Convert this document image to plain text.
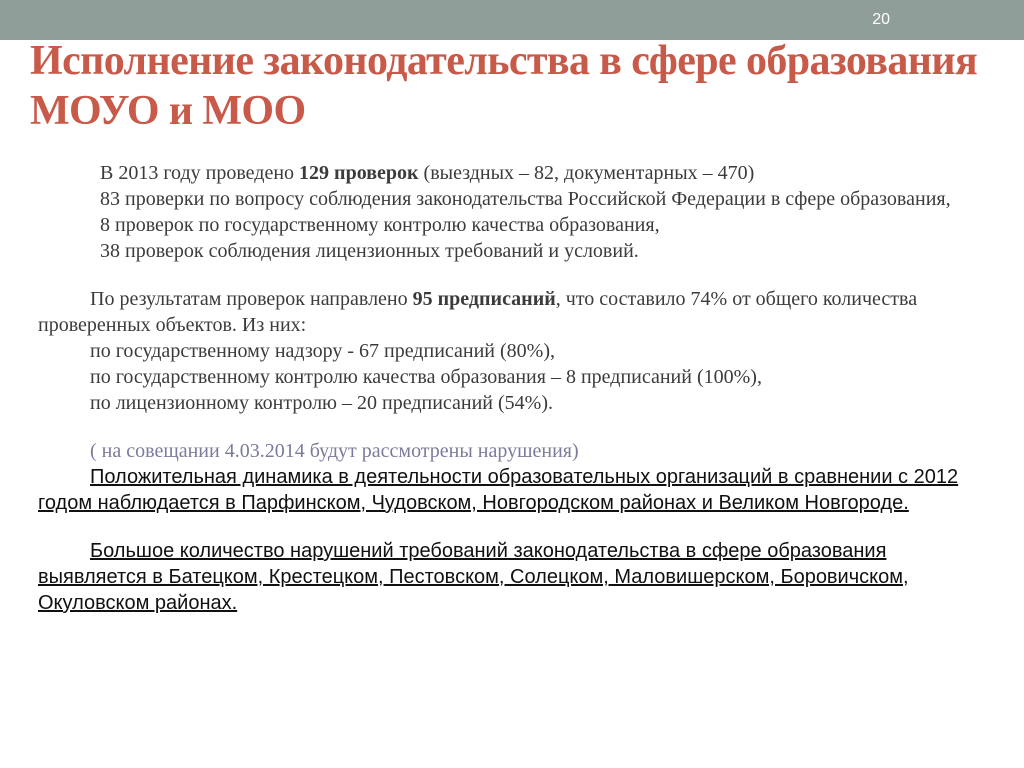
20
Исполнение законодательства в сфере образования МОУО и МОО

В 2013 году проведено 129 проверок (выездных – 82, документарных – 470)

83 проверки по вопросу соблюдения законодательства Российской Федерации в сфере образования,

8 проверок по государственному контролю качества образования,

38 проверок соблюдения лицензионных требований и условий.

По результатам проверок направлено 95 предписаний, что составило 74% от общего количества проверенных объектов. Из них:

по государственному надзору - 67 предписаний (80%),

по государственному контролю качества образования – 8 предписаний (100%),

по лицензионному контролю – 20 предписаний (54%).

( на совещании 4.03.2014 будут рассмотрены нарушения)

Положительная динамика в деятельности образовательных организаций в сравнении с 2012 годом наблюдается в Парфинском, Чудовском, Новгородском районах и Великом Новгороде.

Большое количество нарушений требований законодательства в сфере образования выявляется в Батецком, Крестецком, Пестовском, Солецком, Маловишерском, Боровичском, Окуловском районах.
